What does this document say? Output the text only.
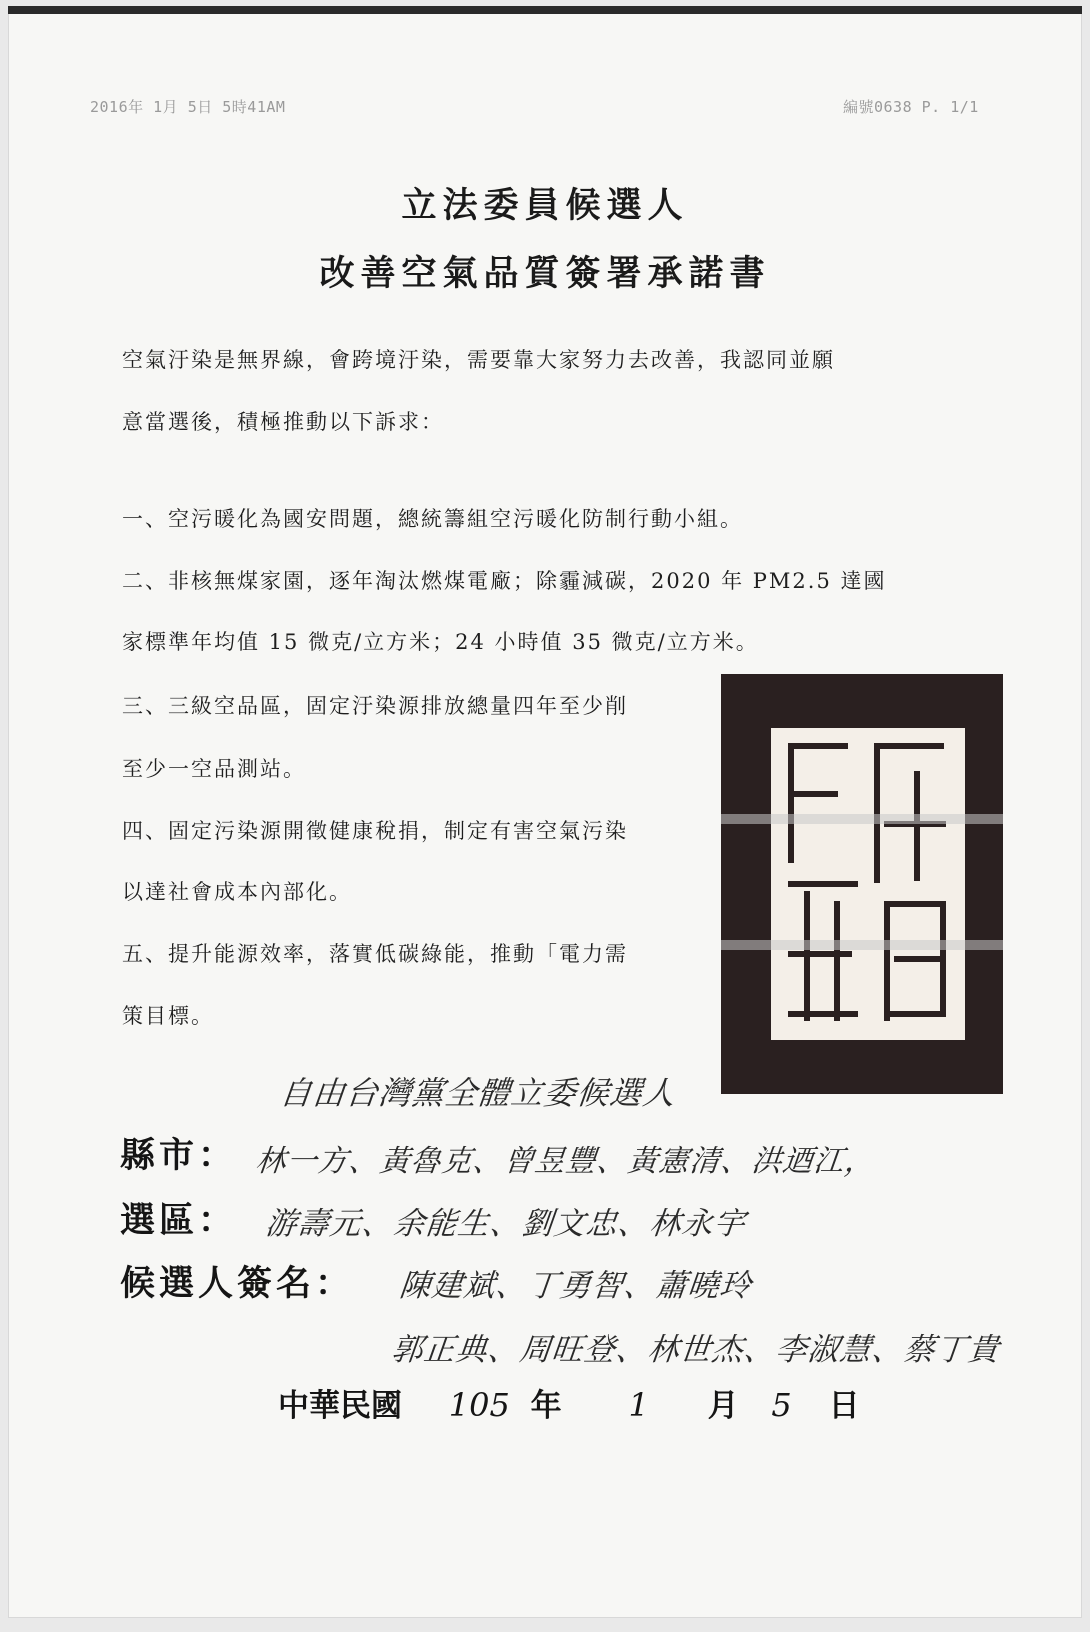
2016年 1月 5日 5時41AM	編號0638 P. 1/1
立法委員候選人
改善空氣品質簽署承諾書
空氣汙染是無界線，會跨境汙染，需要靠大家努力去改善，我認同並願
意當選後，積極推動以下訴求：
一、空污暖化為國安問題，總統籌組空污暖化防制行動小組。
二、非核無煤家園，逐年淘汰燃煤電廠；除霾減碳，2020 年 PM2.5 達國
家標準年均值 15 微克/立方米；24 小時值 35 微克/立方米。
三、三級空品區，固定汙染源排放總量四年至少削
至少一空品測站。
四、固定污染源開徵健康稅捐，制定有害空氣污染
以達社會成本內部化。
五、提升能源效率，落實低碳綠能，推動「電力需
策目標。
自由台灣黨全體立委候選人
縣市： 林一方、黃魯克、曾昱豐、黃憲清、洪迺江，
選區： 游壽元、余能生、劉文忠、林永宇
候選人簽名： 陳建斌、丁勇智、蕭曉玲
郭正典、周旺登、林世杰、李淑慧、蔡丁貴
中華民國 105 年 1 月 5 日
